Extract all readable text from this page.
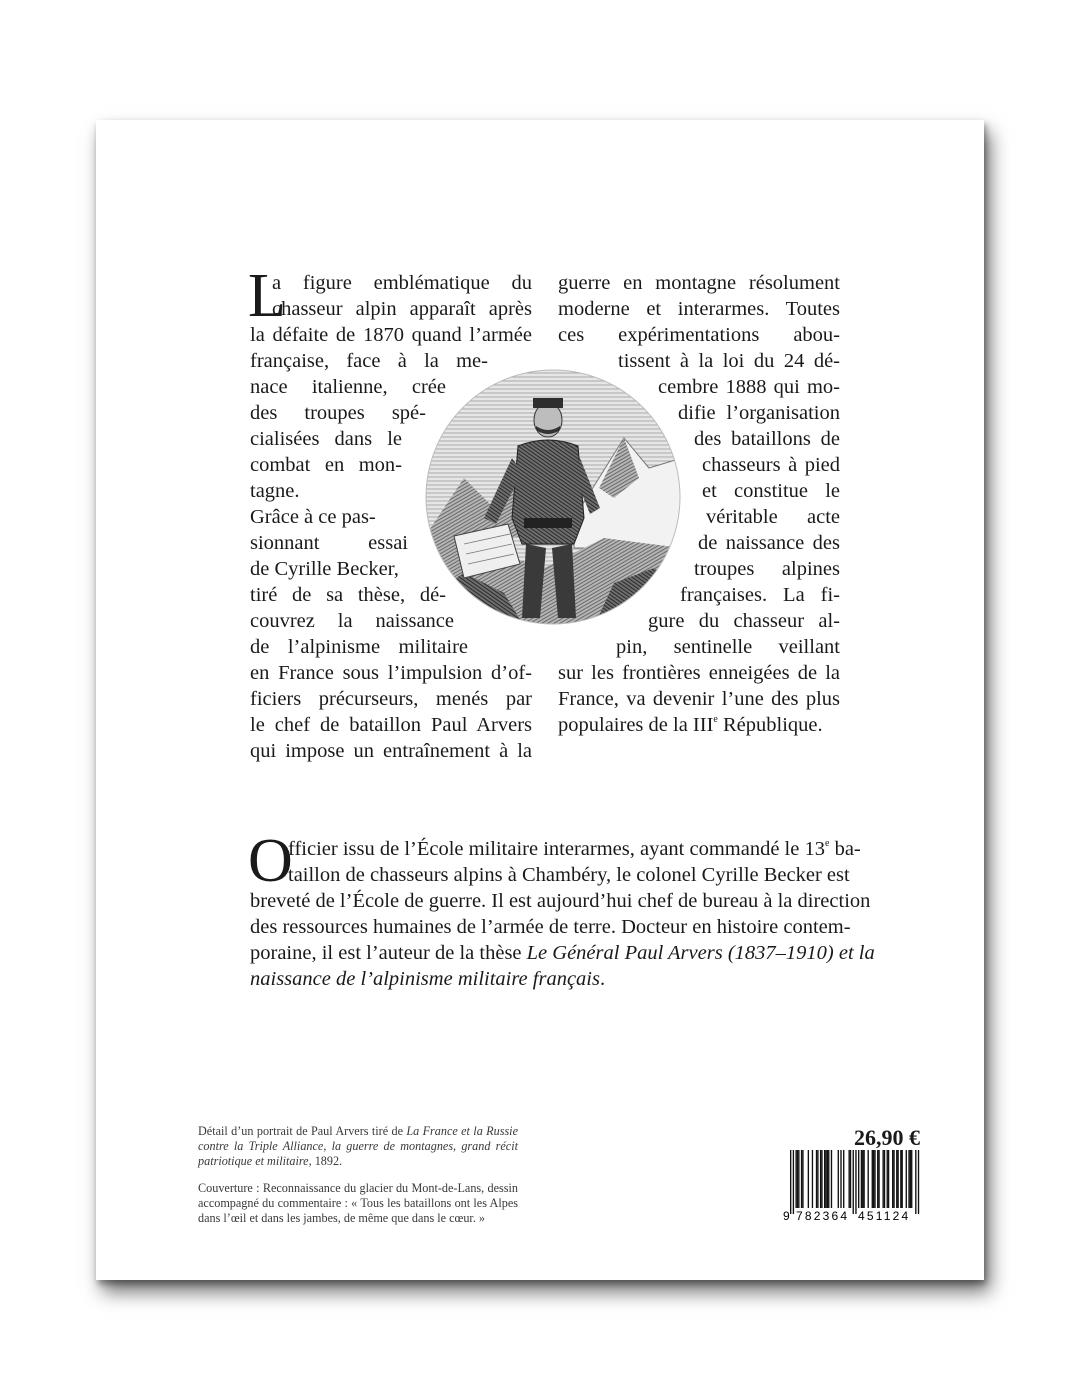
L
a figure emblématique du
chasseur alpin apparaît après
la défaite de 1870 quand l’armée
française, face à la me-
nace italienne, crée
des troupes spé-
cialisées dans le
combat en mon-
tagne.
Grâce à ce pas-
sionnant essai
de Cyrille Becker,
tiré de sa thèse, dé-
couvrez la naissance
de l’alpinisme militaire
en France sous l’impulsion d’of-
ficiers précurseurs, menés par
le chef de bataillon Paul Arvers
qui impose un entraînement à la
guerre en montagne résolument
moderne et interarmes. Toutes
ces expérimentations abou-
tissent à la loi du 24 dé-
cembre 1888 qui mo-
difie l’organisation
des bataillons de
chasseurs à pied
et constitue le
véritable acte
de naissance des
troupes alpines
françaises. La fi-
gure du chasseur al-
pin, sentinelle veillant
sur les frontières enneigées de la
France, va devenir l’une des plus
populaires de la IIIe République.
O
fficier issu de l’École militaire interarmes, ayant commandé le 13e ba-
taillon de chasseurs alpins à Chambéry, le colonel Cyrille Becker est
breveté de l’École de guerre. Il est aujourd’hui chef de bureau à la direction
des ressources humaines de l’armée de terre. Docteur en histoire contem-
poraine, il est l’auteur de la thèse Le Général Paul Arvers (1837–1910) et la
naissance de l’alpinisme militaire français.

Détail d’un portrait de Paul Arvers tiré de La France et la Russie contre la Triple Alliance, la guerre de montagnes, grand récit patriotique et militaire, 1892.

Couverture : Reconnaissance du glacier du Mont-de-Lans, dessin accompagné du commentaire : « Tous les bataillons ont les Alpes dans l’œil et dans les jambes, de même que dans le cœur. »

26,90 €
9 782364 451124
